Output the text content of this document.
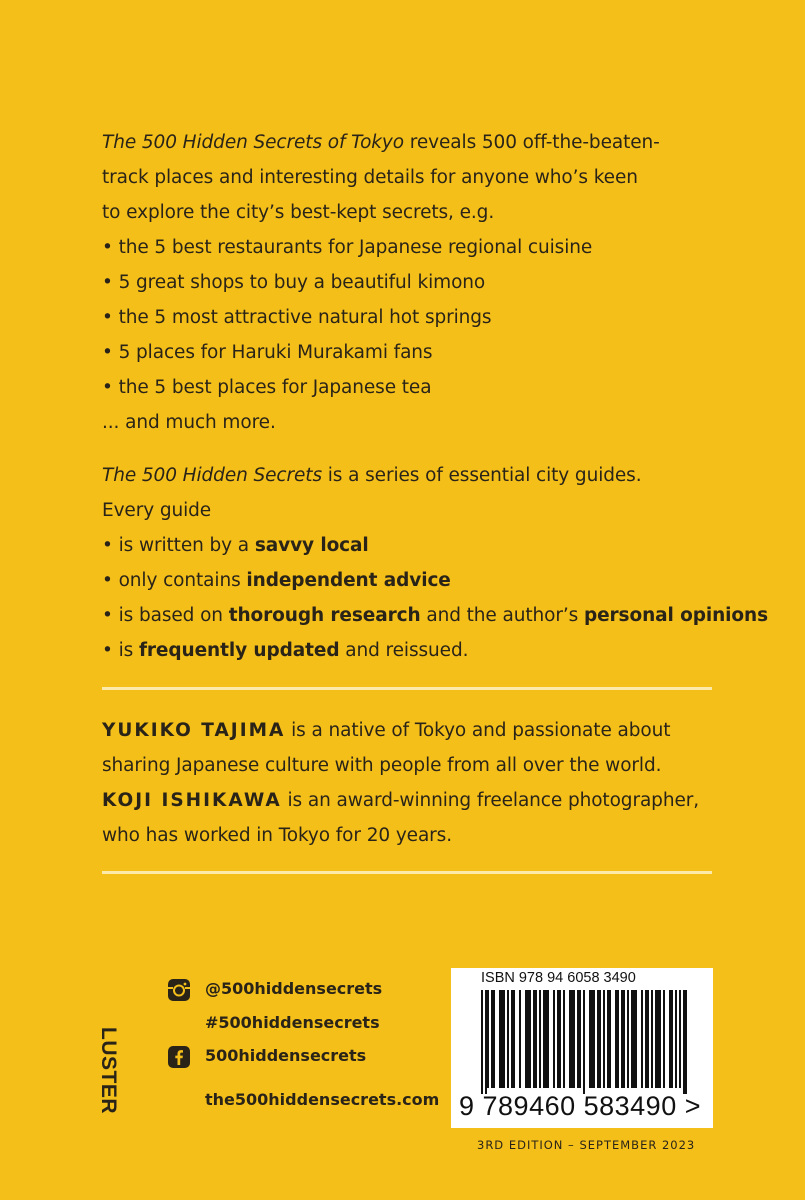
The 500 Hidden Secrets of Tokyo reveals 500 off-the-beaten-
track places and interesting details for anyone who’s keen
to explore the city’s best-kept secrets, e.g.
• the 5 best restaurants for Japanese regional cuisine
• 5 great shops to buy a beautiful kimono
• the 5 most attractive natural hot springs
• 5 places for Haruki Murakami fans
• the 5 best places for Japanese tea
... and much more.
The 500 Hidden Secrets is a series of essential city guides.
Every guide
• is written by a savvy local
• only contains independent advice
• is based on thorough research and the author’s personal opinions
• is frequently updated and reissued.
YUKIKO TAJIMA is a native of Tokyo and passionate about
sharing Japanese culture with people from all over the world.
KOJI ISHIKAWA is an award-winning freelance photographer,
who has worked in Tokyo for 20 years.
@500hiddensecrets
#500hiddensecrets
500hiddensecrets
the500hiddensecrets.com
LUSTER
ISBN 978 94 6058 3490
9 789460 583490 >
3RD EDITION – SEPTEMBER 2023
